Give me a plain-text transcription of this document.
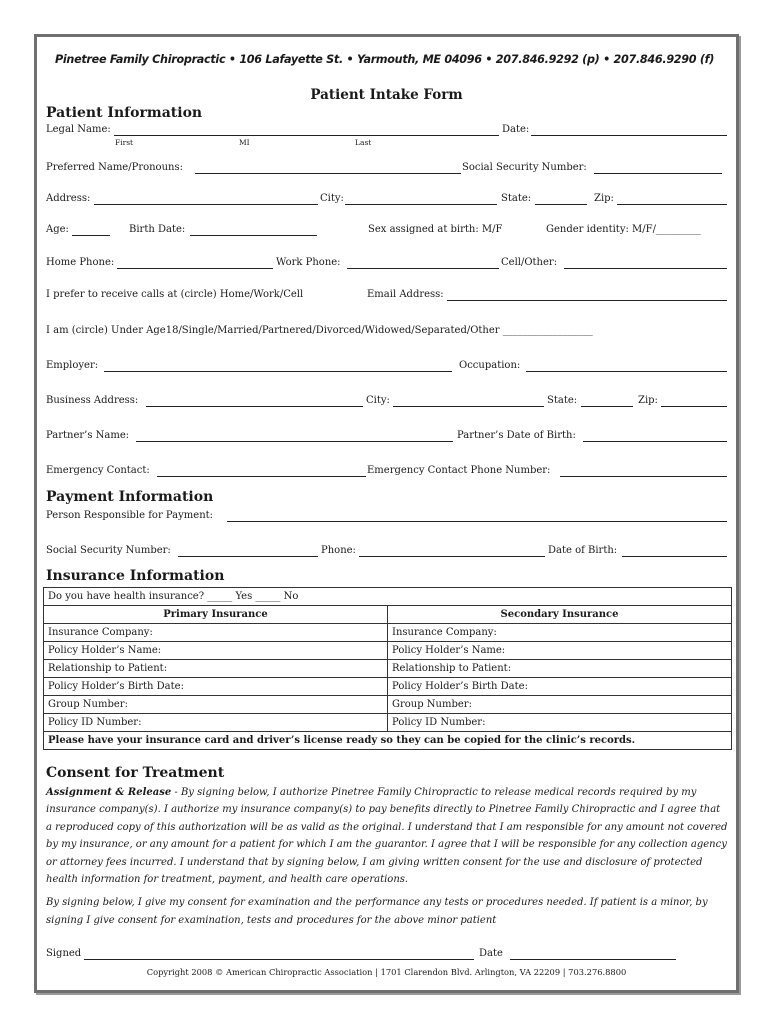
Pinetree Family Chiropractic • 106 Lafayette St. • Yarmouth, ME 04096 • 207.846.9292 (p) • 207.846.9290 (f)
Patient Intake Form
Patient Information
Legal Name:
First	MI	Last
Date:
Preferred Name/Pronouns:	Social Security Number:
Address:	City:	State:	Zip:
Age:	Birth Date:	Sex assigned at birth: M/F	Gender identity: M/F/_________
Home Phone:	Work Phone:	Cell/Other:
I prefer to receive calls at (circle) Home/Work/Cell	Email Address:
I am (circle) Under Age18/Single/Married/Partnered/Divorced/Widowed/Separated/Other __________________
Employer:	Occupation:
Business Address:	City:	State:	Zip:
Partner’s Name:	Partner’s Date of Birth:
Emergency Contact:	Emergency Contact Phone Number:
Payment Information
Person Responsible for Payment:
Social Security Number:	Phone:	Date of Birth:
Insurance Information
Do you have health insurance? _____ Yes _____ No	
Primary Insurance	Secondary Insurance
Insurance Company:	Insurance Company:
Policy Holder’s Name:	Policy Holder’s Name:
Relationship to Patient:	Relationship to Patient:
Policy Holder’s Birth Date:	Policy Holder’s Birth Date:
Group Number:	Group Number:
Policy ID Number:	Policy ID Number:
Please have your insurance card and driver’s license ready so they can be copied for the clinic’s records.	
Consent for Treatment

Assignment & Release - By signing below, I authorize Pinetree Family Chiropractic to release medical records required by my insurance company(s). I authorize my insurance company(s) to pay benefits directly to Pinetree Family Chiropractic and I agree that a reproduced copy of this authorization will be as valid as the original. I understand that I am responsible for any amount not covered by my insurance, or any amount for a patient for which I am the guarantor. I agree that I will be responsible for any collection agency or attorney fees incurred. I understand that by signing below, I am giving written consent for the use and disclosure of protected health information for treatment, payment, and health care operations.

By signing below, I give my consent for examination and the performance any tests or procedures needed. If patient is a minor, by signing I give consent for examination, tests and procedures for the above minor patient

Signed	Date
Copyright 2008 © American Chiropractic Association | 1701 Clarendon Blvd. Arlington, VA 22209 | 703.276.8800
